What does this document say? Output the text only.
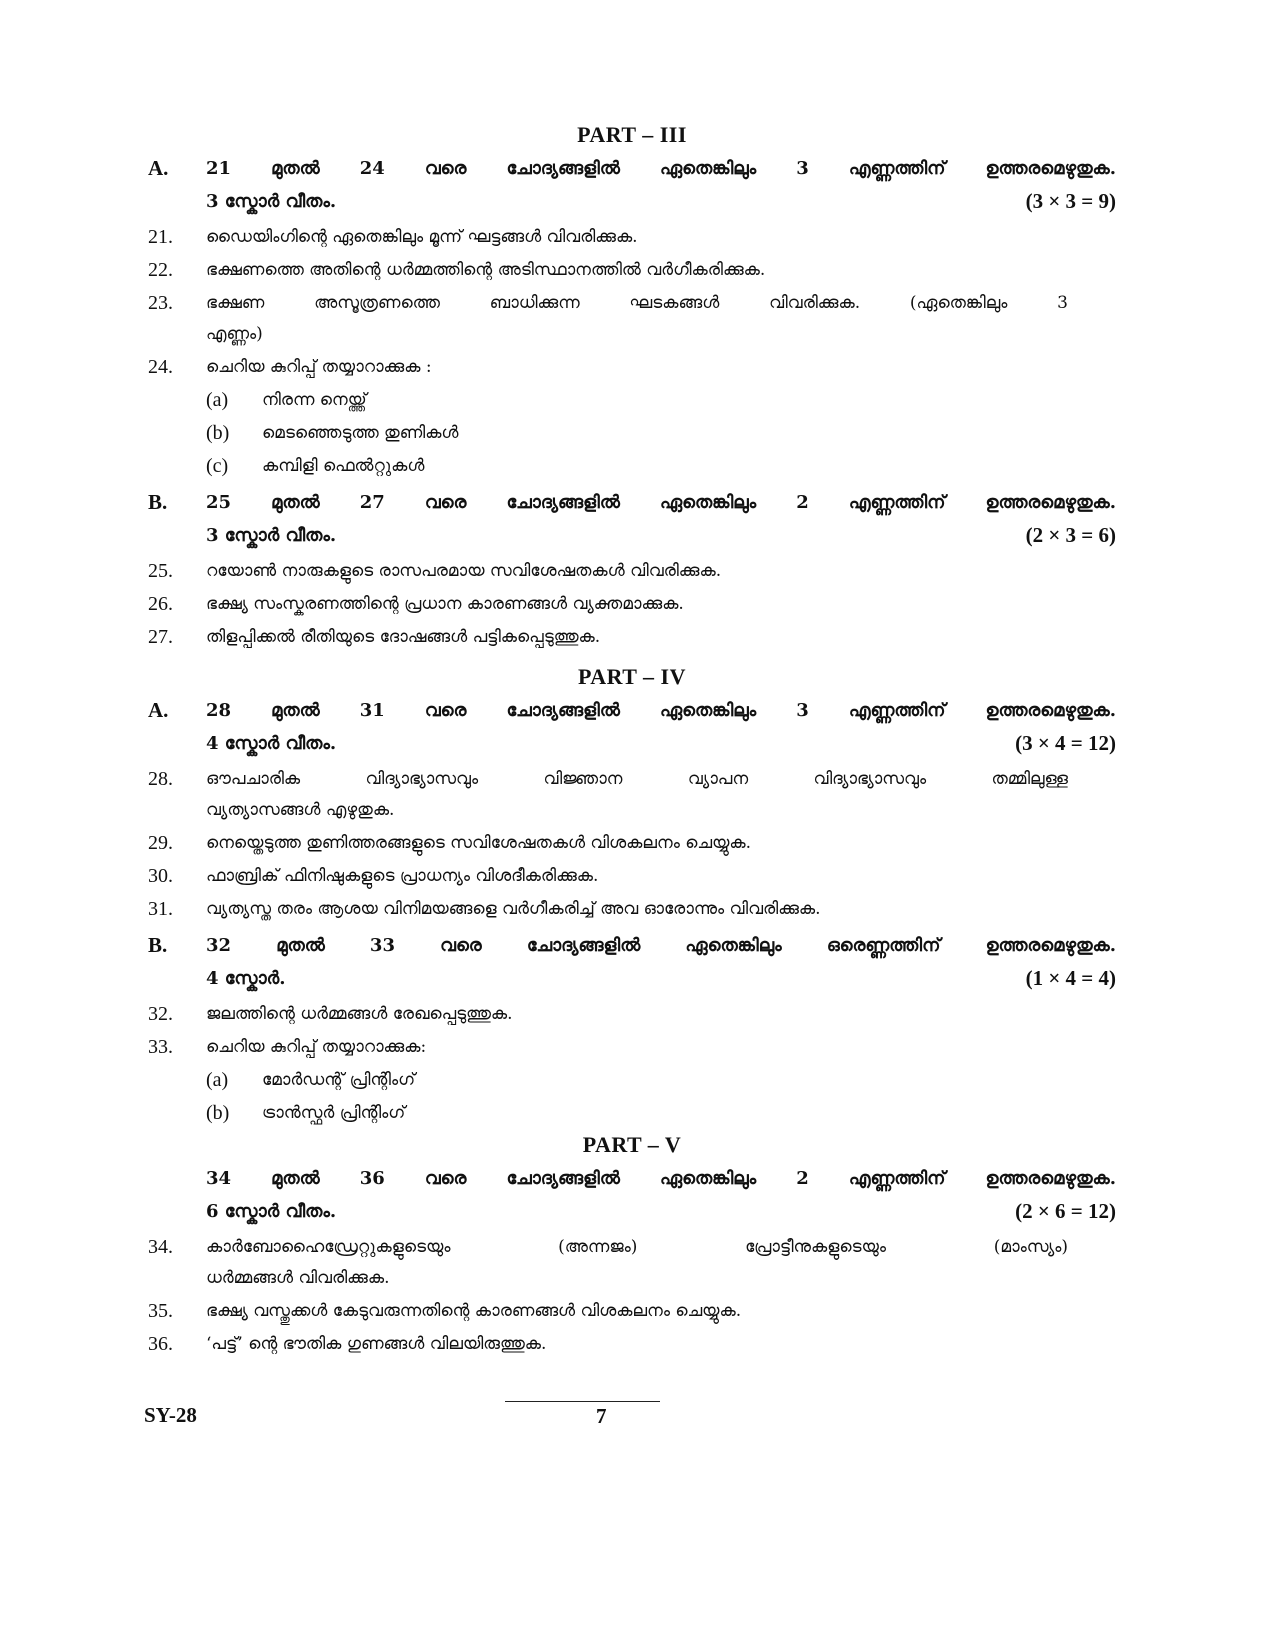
PART – III
A.	21 മുതൽ 24 വരെ ചോദ്യങ്ങളിൽ ഏതെങ്കിലും 3 എണ്ണത്തിന് ഉത്തരമെഴുതുക.
3 സ്കോർ വീതം.	(3 × 3 = 9)
21.	ഡൈയിംഗിന്റെ ഏതെങ്കിലും മൂന്ന് ഘട്ടങ്ങൾ വിവരിക്കുക.
22.	ഭക്ഷണത്തെ അതിന്റെ ധർമ്മത്തിന്റെ അടിസ്ഥാനത്തിൽ വർഗീകരിക്കുക.
23.	ഭക്ഷണ അസൂത്രണത്തെ ബാധിക്കുന്ന ഘടകങ്ങൾ വിവരിക്കുക. (ഏതെങ്കിലും 3
എണ്ണം)
24.	ചെറിയ കുറിപ്പ് തയ്യാറാക്കുക :
(a)	നിരന്ന നെയ്ത്ത്
(b)	മെടഞ്ഞെടുത്ത തുണികൾ
(c)	കമ്പിളി ഫെൽറ്റുകൾ
B.	25 മുതൽ 27 വരെ ചോദ്യങ്ങളിൽ ഏതെങ്കിലും 2 എണ്ണത്തിന് ഉത്തരമെഴുതുക.
3 സ്കോർ വീതം.	(2 × 3 = 6)
25.	റയോൺ നാരുകളുടെ രാസപരമായ സവിശേഷതകൾ വിവരിക്കുക.
26.	ഭക്ഷ്യ സംസ്കരണത്തിന്റെ പ്രധാന കാരണങ്ങൾ വ്യക്തമാക്കുക.
27.	തിളപ്പിക്കൽ രീതിയുടെ ദോഷങ്ങൾ പട്ടികപ്പെടുത്തുക.
PART – IV
A.	28 മുതൽ 31 വരെ ചോദ്യങ്ങളിൽ ഏതെങ്കിലും 3 എണ്ണത്തിന് ഉത്തരമെഴുതുക.
4 സ്കോർ വീതം.	(3 × 4 = 12)
28.	ഔപചാരിക വിദ്യാഭ്യാസവും വിജ്ഞാന വ്യാപന വിദ്യാഭ്യാസവും തമ്മിലുള്ള
വ്യത്യാസങ്ങൾ എഴുതുക.
29.	നെയ്തെടുത്ത തുണിത്തരങ്ങളുടെ സവിശേഷതകൾ വിശകലനം ചെയ്യുക.
30.	ഫാബ്രിക് ഫിനിഷുകളുടെ പ്രാധന്യം വിശദീകരിക്കുക.
31.	വ്യത്യസ്ത തരം ആശയ വിനിമയങ്ങളെ വർഗീകരിച്ച് അവ ഓരോന്നും വിവരിക്കുക.
B.	32 മുതൽ 33 വരെ ചോദ്യങ്ങളിൽ ഏതെങ്കിലും ഒരെണ്ണത്തിന് ഉത്തരമെഴുതുക.
4 സ്കോർ.	(1 × 4 = 4)
32.	ജലത്തിന്റെ ധർമ്മങ്ങൾ രേഖപ്പെടുത്തുക.
33.	ചെറിയ കുറിപ്പ് തയ്യാറാക്കുക:
(a)	മോർഡന്റ് പ്രിന്റിംഗ്
(b)	ട്രാൻസ്ഫർ പ്രിന്റിംഗ്
PART – V
34 മുതൽ 36 വരെ ചോദ്യങ്ങളിൽ ഏതെങ്കിലും 2 എണ്ണത്തിന് ഉത്തരമെഴുതുക.
6 സ്കോർ വീതം.	(2 × 6 = 12)
34.	കാർബോഹൈഡ്രേറ്റുകളുടെയും (അന്നജം) പ്രോട്ടീനുകളുടെയും (മാംസ്യം)
ധർമ്മങ്ങൾ വിവരിക്കുക.
35.	ഭക്ഷ്യ വസ്തുക്കൾ കേടുവരുന്നതിന്റെ കാരണങ്ങൾ വിശകലനം ചെയ്യുക.
36.	‘പട്ട്’ ന്റെ ഭൗതിക ഗുണങ്ങൾ വിലയിരുത്തുക.
SY-28	7
